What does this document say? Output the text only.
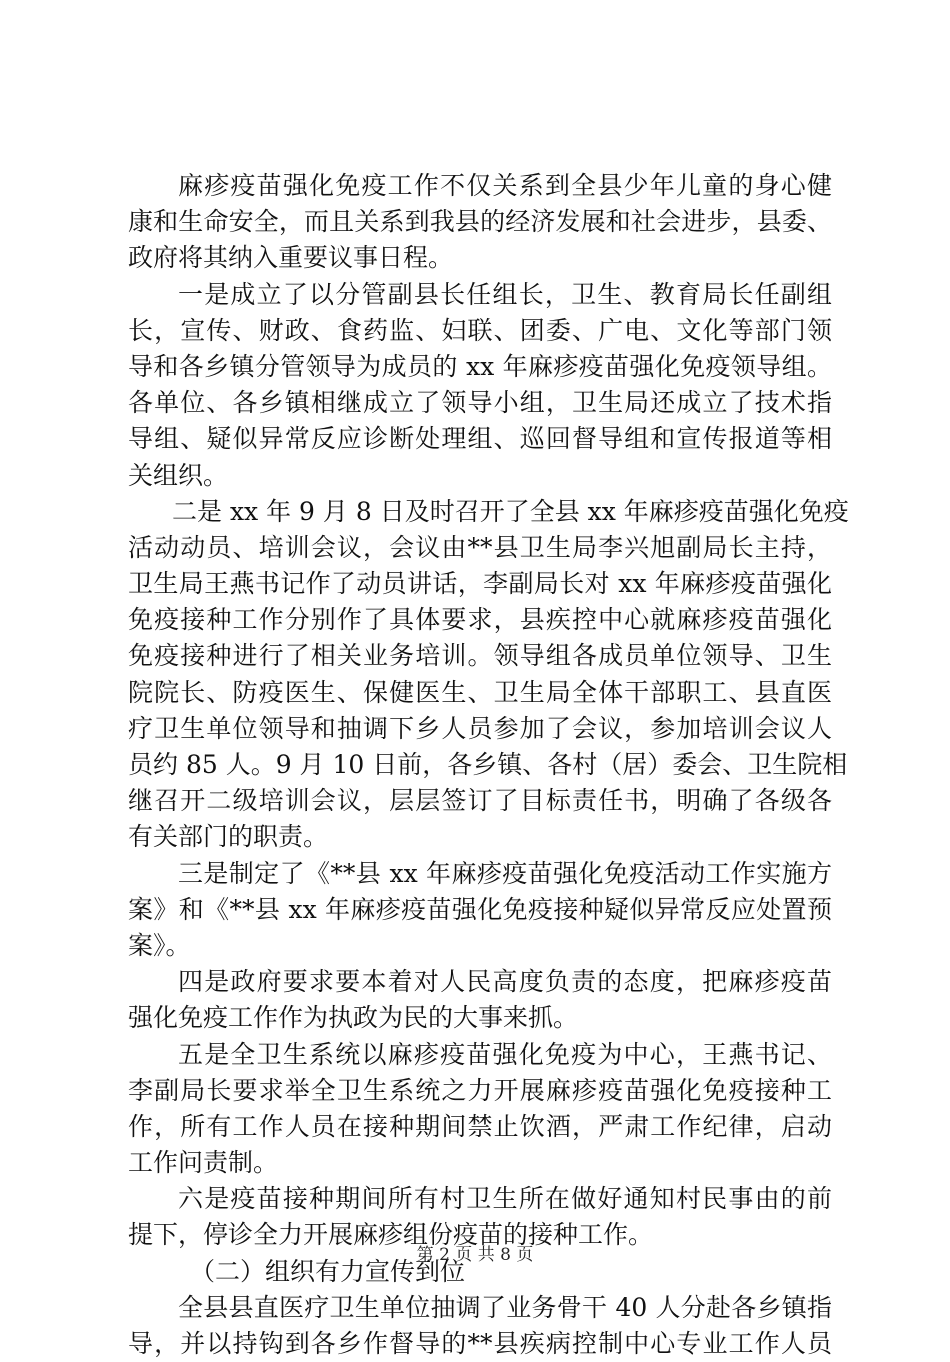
麻疹疫苗强化免疫工作不仅关系到全县少年儿童的身心健
康和生命安全，而且关系到我县的经济发展和社会进步，县委、
政府将其纳入重要议事日程。
一是成立了以分管副县长任组长，卫生、教育局长任副组
长，宣传、财政、食药监、妇联、团委、广电、文化等部门领
导和各乡镇分管领导为成员的 xx 年麻疹疫苗强化免疫领导组。
各单位、各乡镇相继成立了领导小组，卫生局还成立了技术指
导组、疑似异常反应诊断处理组、巡回督导组和宣传报道等相
关组织。
二是 xx 年 9 月 8 日及时召开了全县 xx 年麻疹疫苗强化免疫
活动动员、培训会议，会议由**县卫生局李兴旭副局长主持，
卫生局王燕书记作了动员讲话，李副局长对 xx 年麻疹疫苗强化
免疫接种工作分别作了具体要求，县疾控中心就麻疹疫苗强化
免疫接种进行了相关业务培训。领导组各成员单位领导、卫生
院院长、防疫医生、保健医生、卫生局全体干部职工、县直医
疗卫生单位领导和抽调下乡人员参加了会议，参加培训会议人
员约 85 人。9 月 10 日前，各乡镇、各村（居）委会、卫生院相
继召开二级培训会议，层层签订了目标责任书，明确了各级各
有关部门的职责。
三是制定了《**县 xx 年麻疹疫苗强化免疫活动工作实施方
案》和《**县 xx 年麻疹疫苗强化免疫接种疑似异常反应处置预
案》。
四是政府要求要本着对人民高度负责的态度，把麻疹疫苗
强化免疫工作作为执政为民的大事来抓。
五是全卫生系统以麻疹疫苗强化免疫为中心，王燕书记、
李副局长要求举全卫生系统之力开展麻疹疫苗强化免疫接种工
作，所有工作人员在接种期间禁止饮酒，严肃工作纪律，启动
工作问责制。
六是疫苗接种期间所有村卫生所在做好通知村民事由的前
提下，停诊全力开展麻疹组份疫苗的接种工作。
（二）组织有力宣传到位
全县县直医疗卫生单位抽调了业务骨干 40 人分赴各乡镇指
导，并以持钩到各乡作督导的**县疾病控制中心专业工作人员
第 2 页 共 8 页
